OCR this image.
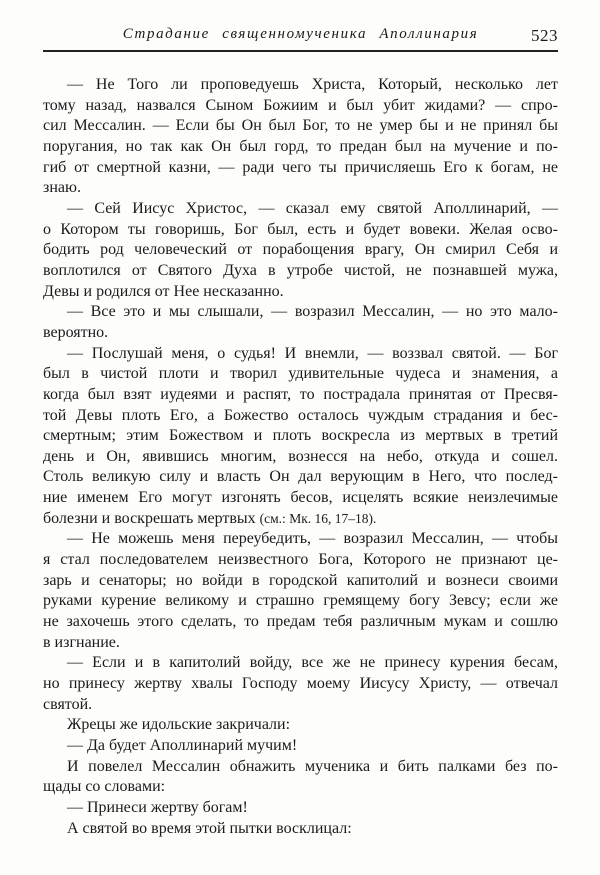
Страдание священномученика Аполлинария	523
— Не Того ли проповедуешь Христа, Который, несколько лет
тому назад, назвался Сыном Божиим и был убит жидами? — спро-
сил Мессалин. — Если бы Он был Бог, то не умер бы и не принял бы
поругания, но так как Он был горд, то предан был на мучение и по-
гиб от смертной казни, — ради чего ты причисляешь Его к богам, не
знаю.
— Сей Иисус Христос, — сказал ему святой Аполлинарий, —
о Котором ты говоришь, Бог был, есть и будет вовеки. Желая осво-
бодить род человеческий от порабощения врагу, Он смирил Себя и
воплотился от Святого Духа в утробе чистой, не познавшей мужа,
Девы и родился от Нее несказанно.
— Все это и мы слышали, — возразил Мессалин, — но это мало-
вероятно.
— Послушай меня, о судья! И внемли, — воззвал святой. — Бог
был в чистой плоти и творил удивительные чудеса и знамения, а
когда был взят иудеями и распят, то пострадала принятая от Пресвя-
той Девы плоть Его, а Божество осталось чуждым страдания и бес-
смертным; этим Божеством и плоть воскресла из мертвых в третий
день и Он, явившись многим, вознесся на небо, откуда и сошел.
Столь великую силу и власть Он дал верующим в Него, что послед-
ние именем Его могут изгонять бесов, исцелять всякие неизлечимые
болезни и воскрешать мертвых (см.: Мк. 16, 17–18).
— Не можешь меня переубедить, — возразил Мессалин, — чтобы
я стал последователем неизвестного Бога, Которого не признают це-
зарь и сенаторы; но войди в городской капитолий и вознеси своими
руками курение великому и страшно гремящему богу Зевсу; если же
не захочешь этого сделать, то предам тебя различным мукам и сошлю
в изгнание.
— Если и в капитолий войду, все же не принесу курения бесам,
но принесу жертву хвалы Господу моему Иисусу Христу, — отвечал
святой.
Жрецы же идольские закричали:
— Да будет Аполлинарий мучим!
И повелел Мессалин обнажить мученика и бить палками без по-
щады со словами:
— Принеси жертву богам!
А святой во время этой пытки восклицал:
